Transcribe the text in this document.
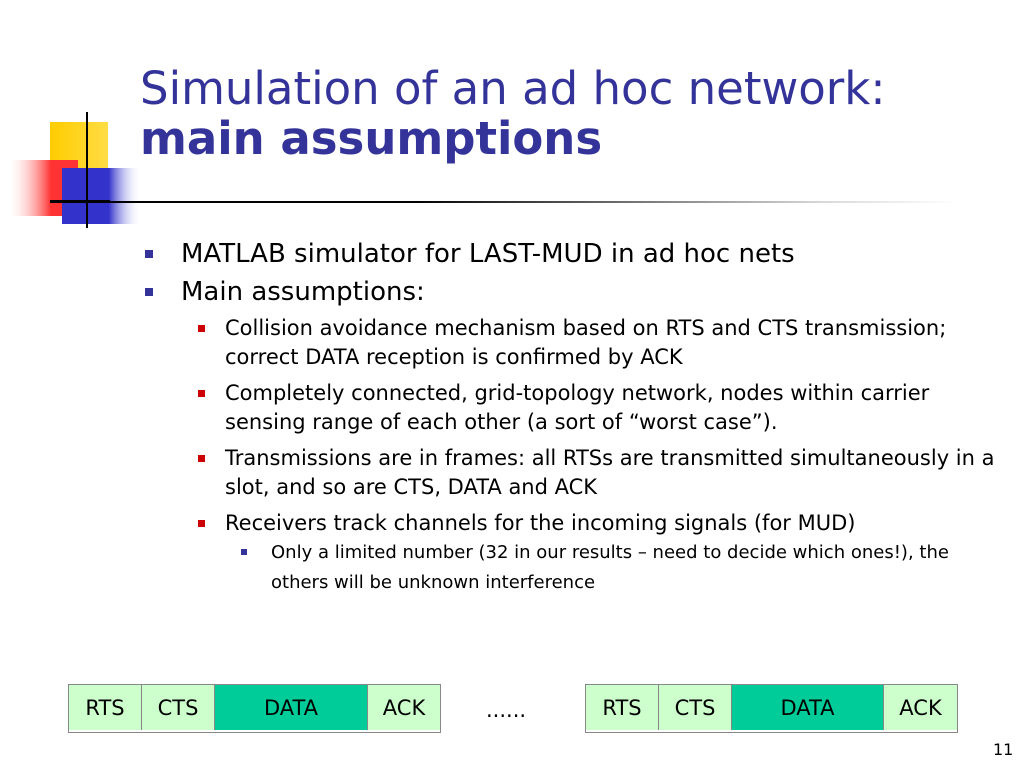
Simulation of an ad hoc network:
main assumptions
MATLAB simulator for LAST-MUD in ad hoc nets
Main assumptions:
Collision avoidance mechanism based on RTS and CTS transmission; correct DATA reception is confirmed by ACK
Completely connected, grid-topology network, nodes within carrier sensing range of each other (a sort of “worst case”).
Transmissions are in frames: all RTSs are transmitted simultaneously in a slot, and so are CTS, DATA and ACK
Receivers track channels for the incoming signals (for MUD)
Only a limited number (32 in our results – need to decide which ones!), the others will be unknown interference
RTS	CTS	DATA	ACK	......	RTS	CTS	DATA	ACK
11
